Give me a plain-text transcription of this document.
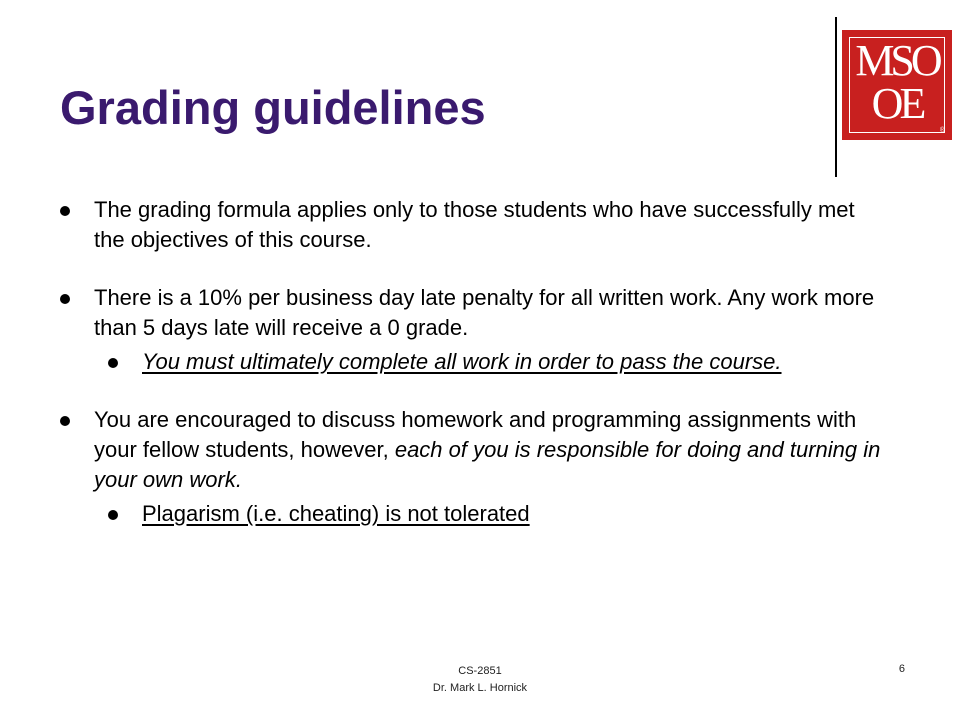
Grading guidelines
MSO
OE
®
The grading formula applies only to those students who have successfully met the objectives of this course.
There is a 10% per business day late penalty for all written work. Any work more than 5 days late will receive a 0 grade.
You must ultimately complete all work in order to pass the course.
You are encouraged to discuss homework and programming assignments with your fellow students, however, each of you is responsible for doing and turning in your own work.
Plagarism (i.e. cheating) is not tolerated
CS-2851
Dr. Mark L. Hornick
6
